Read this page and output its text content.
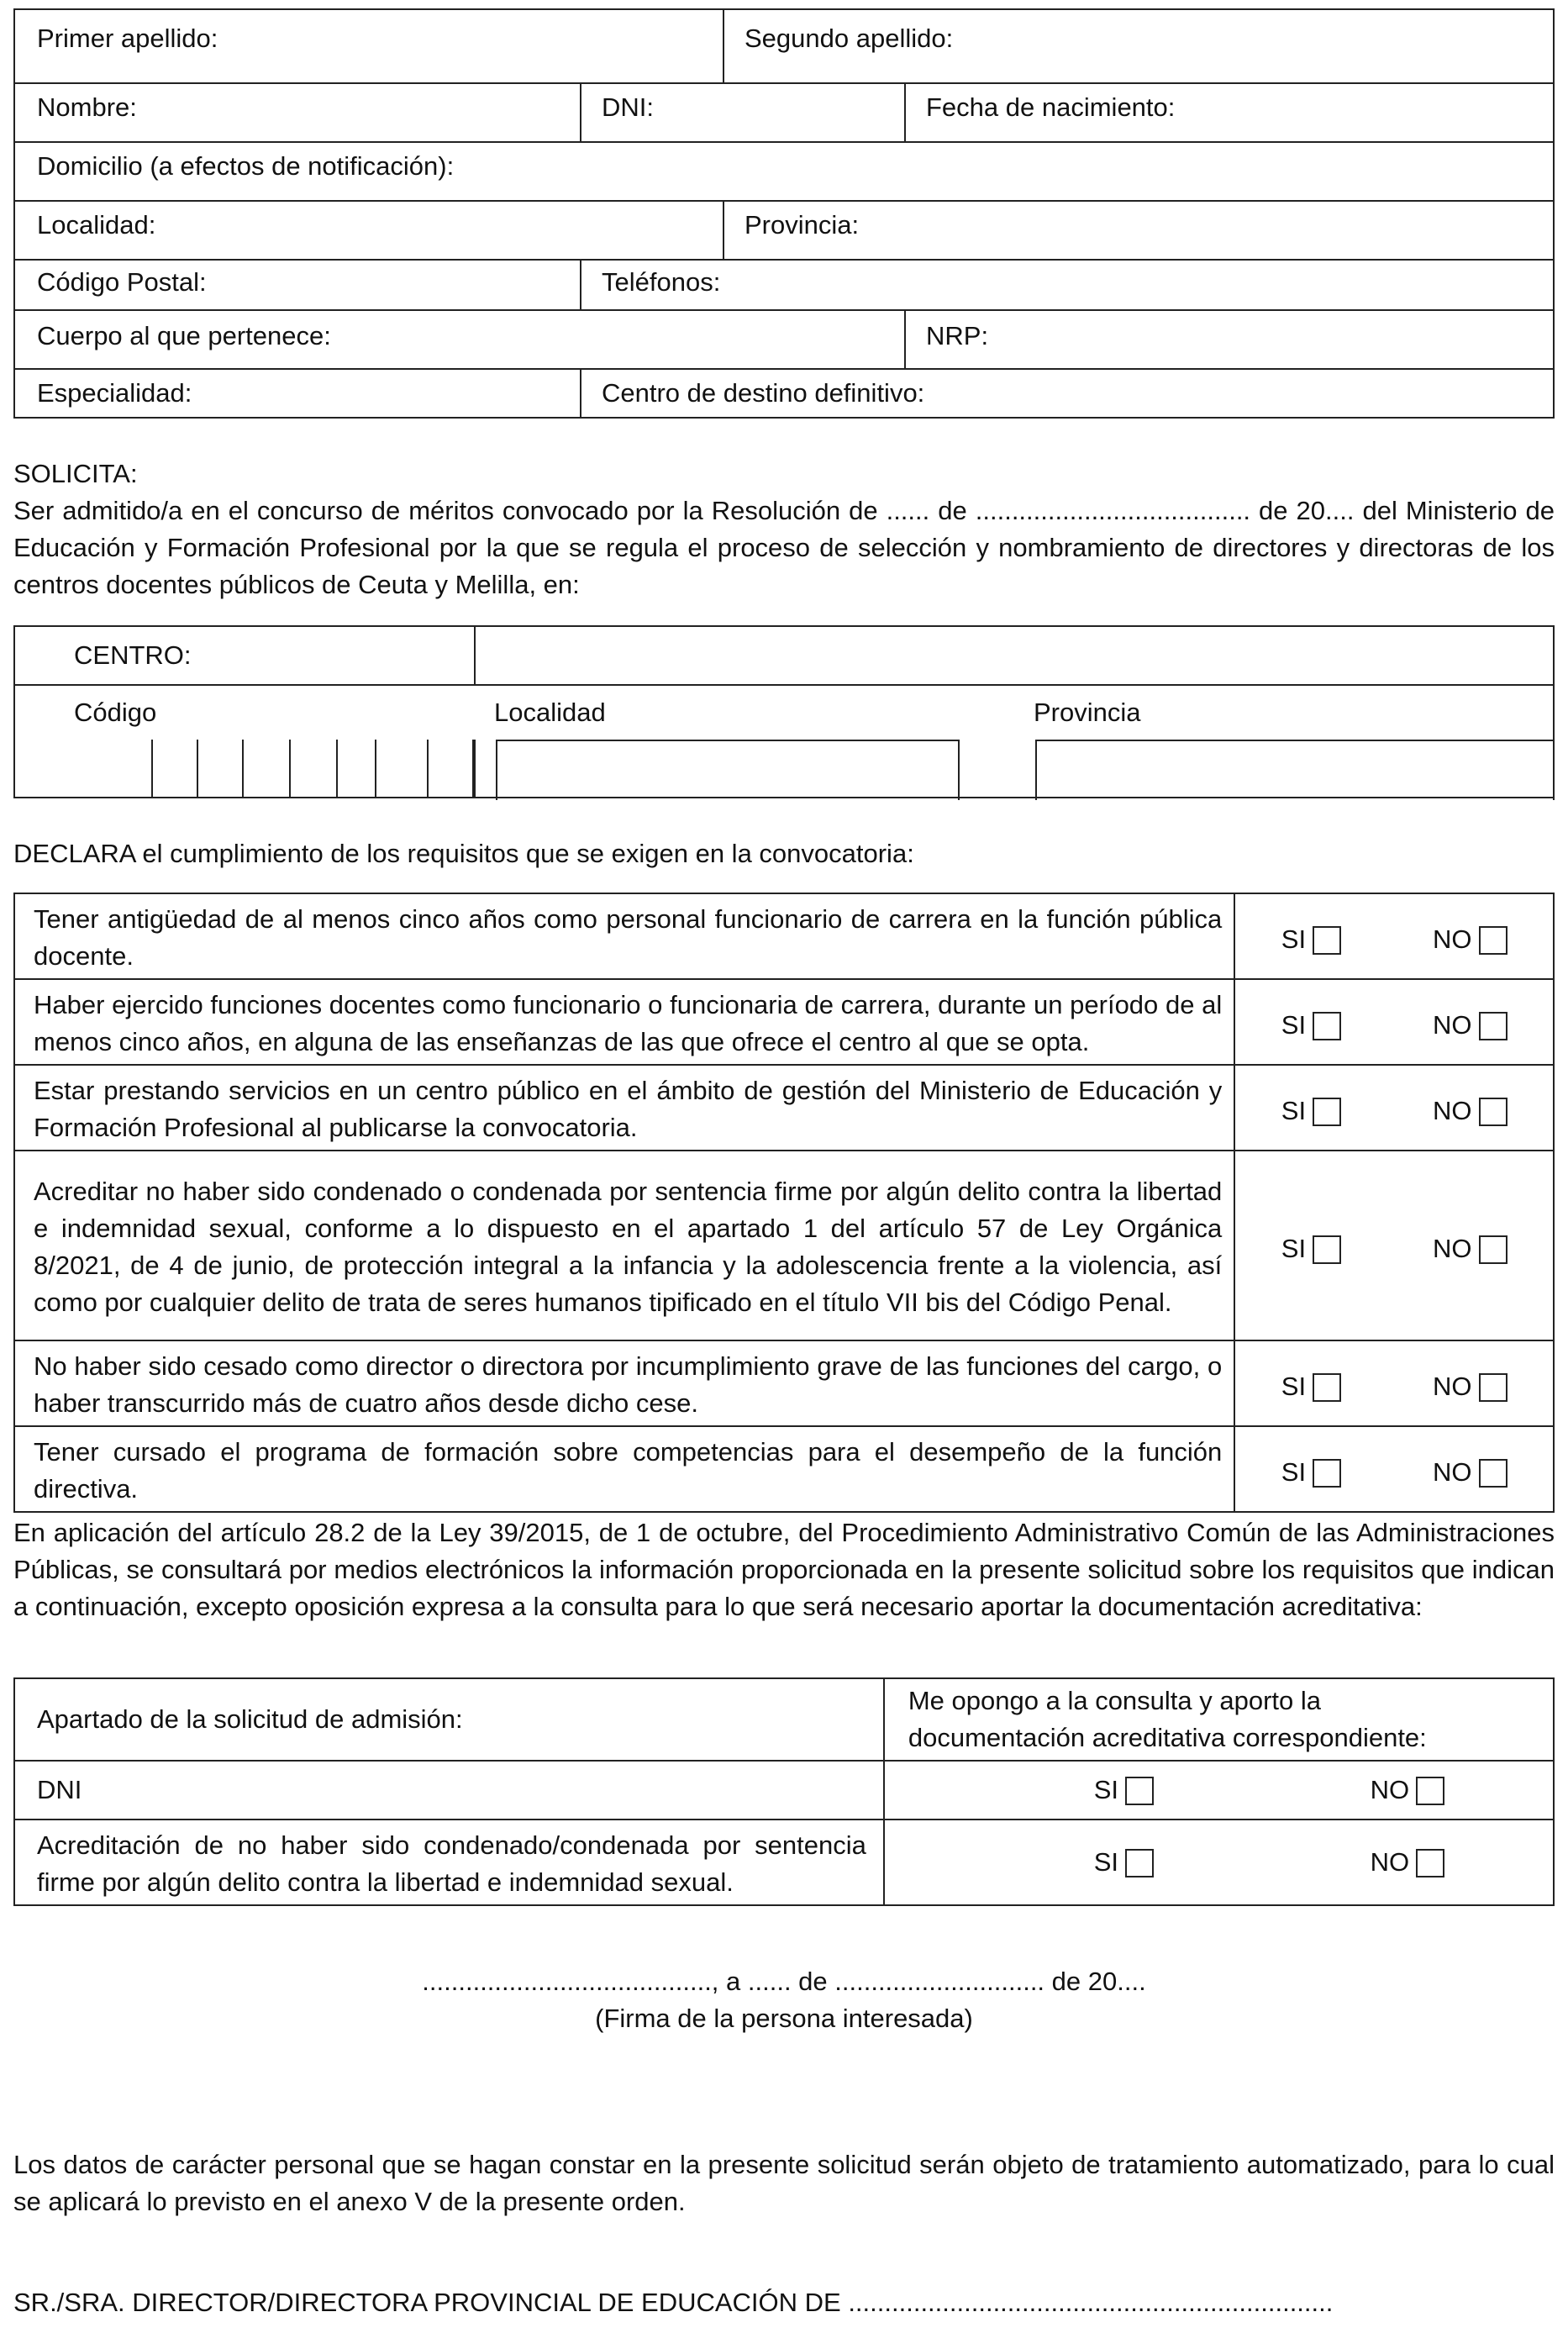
Primer apellido:	Segundo apellido:
Nombre:	DNI:	Fecha de nacimiento:
Domicilio (a efectos de notificación):
Localidad:	Provincia:
Código Postal:	Teléfonos:
Cuerpo al que pertenece:	NRP:
Especialidad:	Centro de destino definitivo:
SOLICITA:

Ser admitido/a en el concurso de méritos convocado por la Resolución de ...... de ...................................... de 20.... del Ministerio de Educación y Formación Profesional por la que se regula el proceso de selección y nombramiento de directores y directoras de los centros docentes públicos de Ceuta y Melilla, en:

CENTRO:
Código	Localidad	Provincia
DECLARA el cumplimiento de los requisitos que se exigen en la convocatoria:
Tener antigüedad de al menos cinco años como personal funcionario de carrera en la función pública docente.	SI NO

Haber ejercido funciones docentes como funcionario o funcionaria de carrera, durante un período de al menos cinco años, en alguna de las enseñanzas de las que ofrece el centro al que se opta.	SI NO

Estar prestando servicios en un centro público en el ámbito de gestión del Ministerio de Educación y Formación Profesional al publicarse la convocatoria.	SI NO

Acreditar no haber sido condenado o condenada por sentencia firme por algún delito contra la libertad e indemnidad sexual, conforme a lo dispuesto en el apartado 1 del artículo 57 de Ley Orgánica 8/2021, de 4 de junio, de protección integral a la infancia y la adolescencia frente a la violencia, así como por cualquier delito de trata de seres humanos tipificado en el título VII bis del Código Penal.	SI NO

No haber sido cesado como director o directora por incumplimiento grave de las funciones del cargo, o haber transcurrido más de cuatro años desde dicho cese.	SI NO

Tener cursado el programa de formación sobre competencias para el desempeño de la función directiva.	SI NO

En aplicación del artículo 28.2 de la Ley 39/2015, de 1 de octubre, del Procedimiento Administrativo Común de las Administraciones Públicas, se consultará por medios electrónicos la información proporcionada en la presente solicitud sobre los requisitos que indican a continuación, excepto oposición expresa a la consulta para lo que será necesario aportar la documentación acreditativa:

Apartado de la solicitud de admisión:	Me opongo a la consulta y aporto la
documentación acreditativa correspondiente:

DNI	SI NO

Acreditación de no haber sido condenado/condenada por sentencia firme por algún delito contra la libertad e indemnidad sexual.	SI NO
........................................, a ...... de ............................. de 20....
(Firma de la persona interesada)

Los datos de carácter personal que se hagan constar en la presente solicitud serán objeto de tratamiento automatizado, para lo cual se aplicará lo previsto en el anexo V de la presente orden.

SR./SRA. DIRECTOR/DIRECTORA PROVINCIAL DE EDUCACIÓN DE ...................................................................
